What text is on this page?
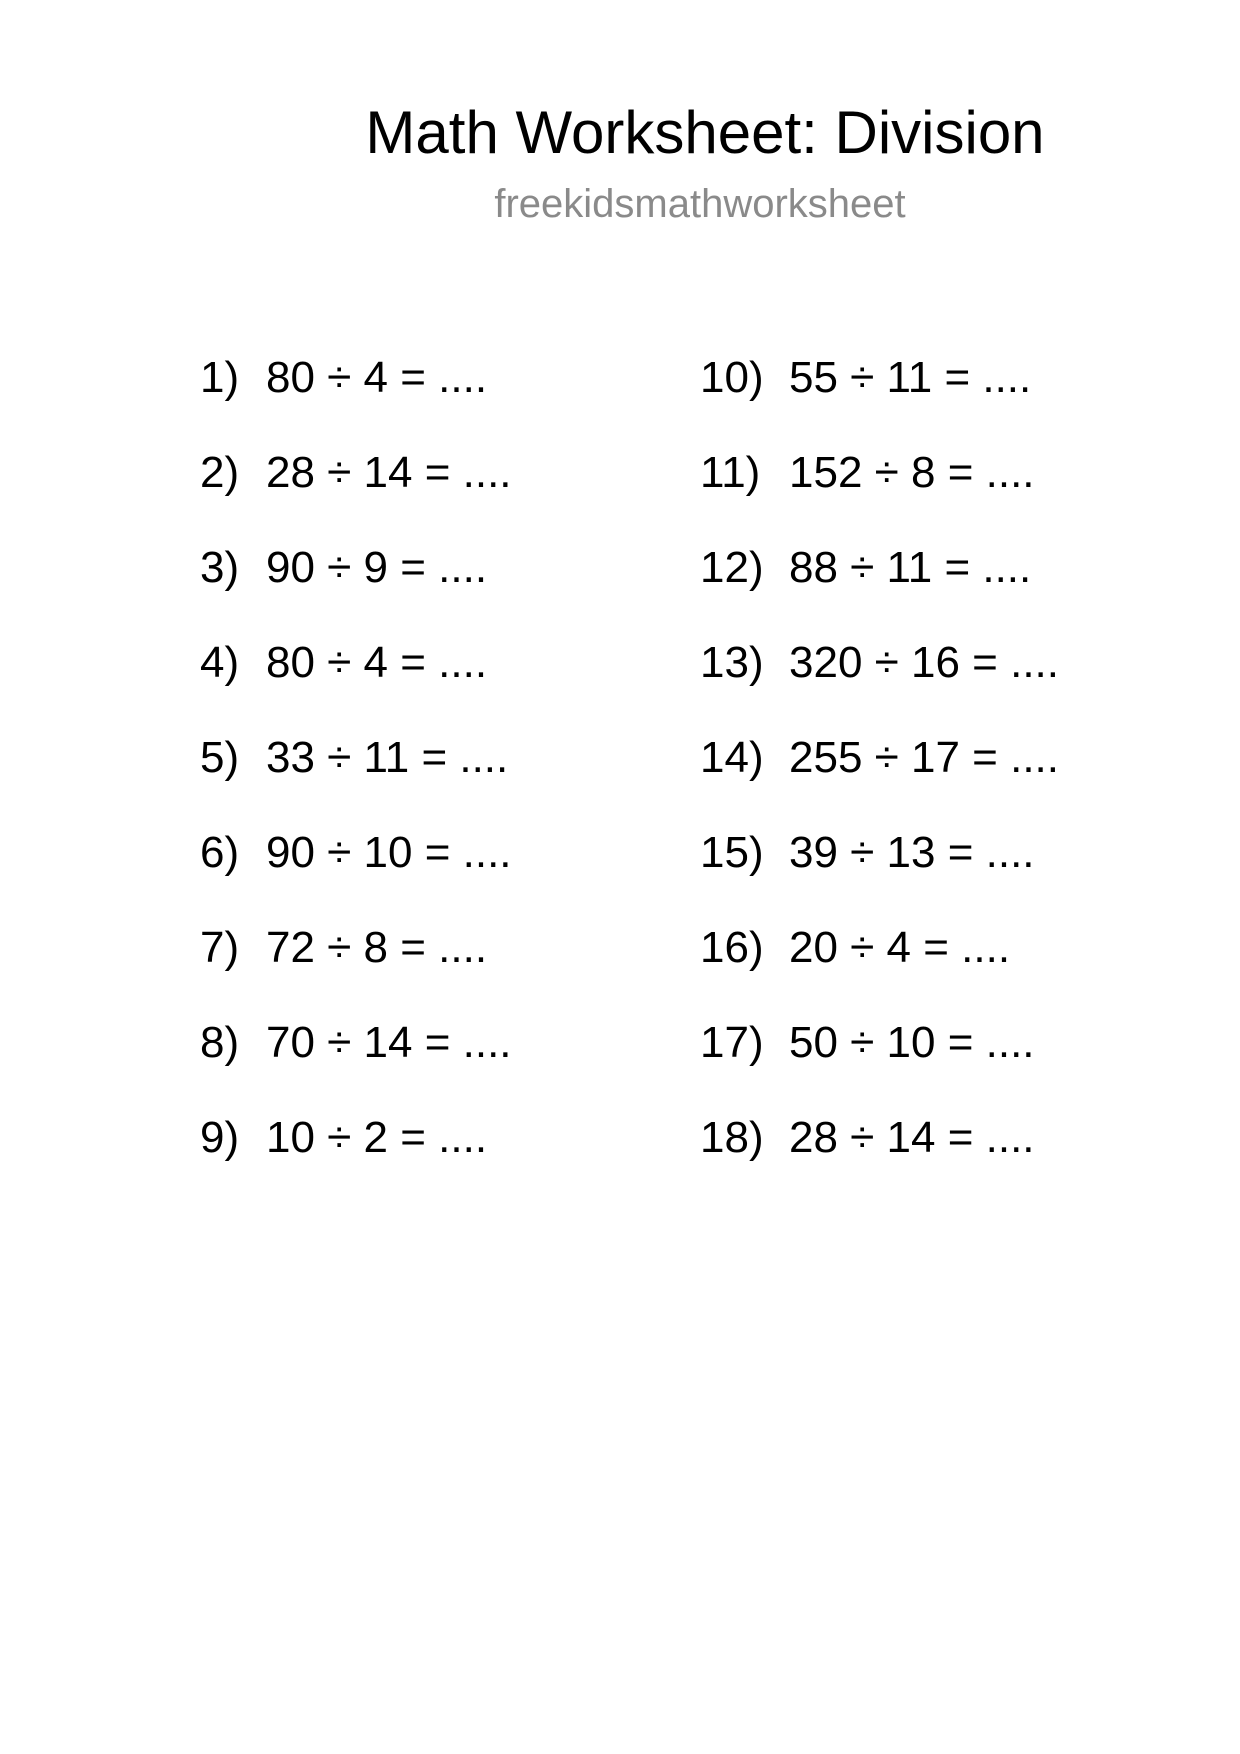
Math Worksheet: Division
freekidsmathworksheet
1) 80 ÷ 4 = ....
2) 28 ÷ 14 = ....
3) 90 ÷ 9 = ....
4) 80 ÷ 4 = ....
5) 33 ÷ 11 = ....
6) 90 ÷ 10 = ....
7) 72 ÷ 8 = ....
8) 70 ÷ 14 = ....
9) 10 ÷ 2 = ....
10) 55 ÷ 11 = ....
11) 152 ÷ 8 = ....
12) 88 ÷ 11 = ....
13) 320 ÷ 16 = ....
14) 255 ÷ 17 = ....
15) 39 ÷ 13 = ....
16) 20 ÷ 4 = ....
17) 50 ÷ 10 = ....
18) 28 ÷ 14 = ....
